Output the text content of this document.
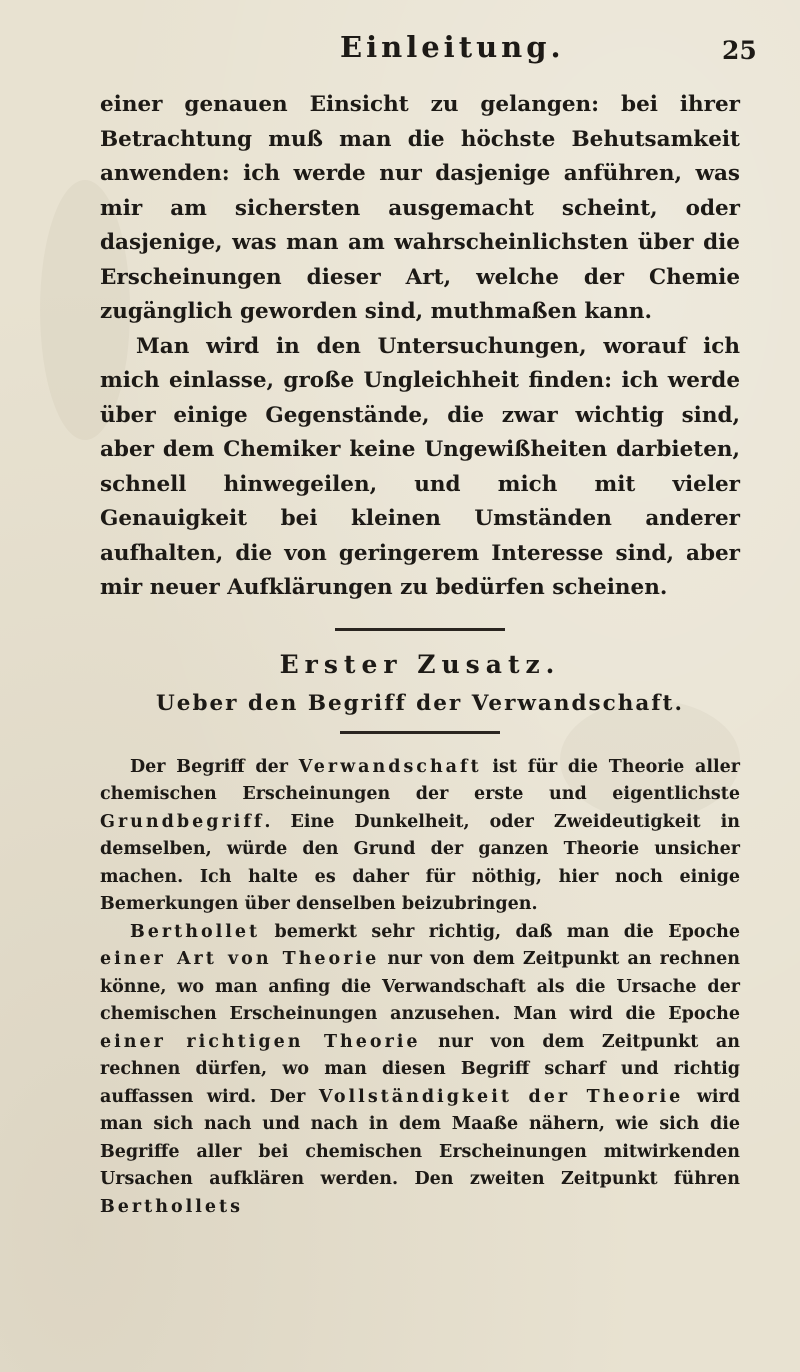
Einleitung.	25
einer genauen Einsicht zu gelangen: bei ihrer Betrachtung muß man die höchste Behutsamkeit anwenden: ich werde nur dasjenige anführen, was mir am sichersten ausgemacht scheint, oder dasjenige, was man am wahrscheinlichsten über die Erscheinungen dieser Art, welche der Chemie zugänglich geworden sind, muthmaßen kann.
Man wird in den Untersuchungen, worauf ich mich einlasse, große Ungleichheit finden: ich werde über einige Gegenstände, die zwar wichtig sind, aber dem Chemiker keine Ungewißheiten darbieten, schnell hinwegeilen, und mich mit vieler Genauigkeit bei kleinen Umständen anderer aufhalten, die von geringerem Interesse sind, aber mir neuer Aufklärungen zu bedürfen scheinen.
Erster Zusatz.
Ueber den Begriff der Verwandschaft.

Der Begriff der Verwandschaft ist für die Theorie aller chemischen Erscheinungen der erste und eigentlichste Grundbegriff. Eine Dunkelheit, oder Zweideutigkeit in demselben, würde den Grund der ganzen Theorie unsicher machen. Ich halte es daher für nöthig, hier noch einige Bemerkungen über denselben beizubringen.

Berthollet bemerkt sehr richtig, daß man die Epoche einer Art von Theorie nur von dem Zeitpunkt an rechnen könne, wo man anfing die Verwandschaft als die Ursache der chemischen Erscheinungen anzusehen. Man wird die Epoche einer richtigen Theorie nur von dem Zeitpunkt an rechnen dürfen, wo man diesen Begriff scharf und richtig auffassen wird. Der Vollständigkeit der Theorie wird man sich nach und nach in dem Maaße nähern, wie sich die Begriffe aller bei chemischen Erscheinungen mitwirkenden Ursachen aufklären werden. Den zweiten Zeitpunkt führen Berthollets
